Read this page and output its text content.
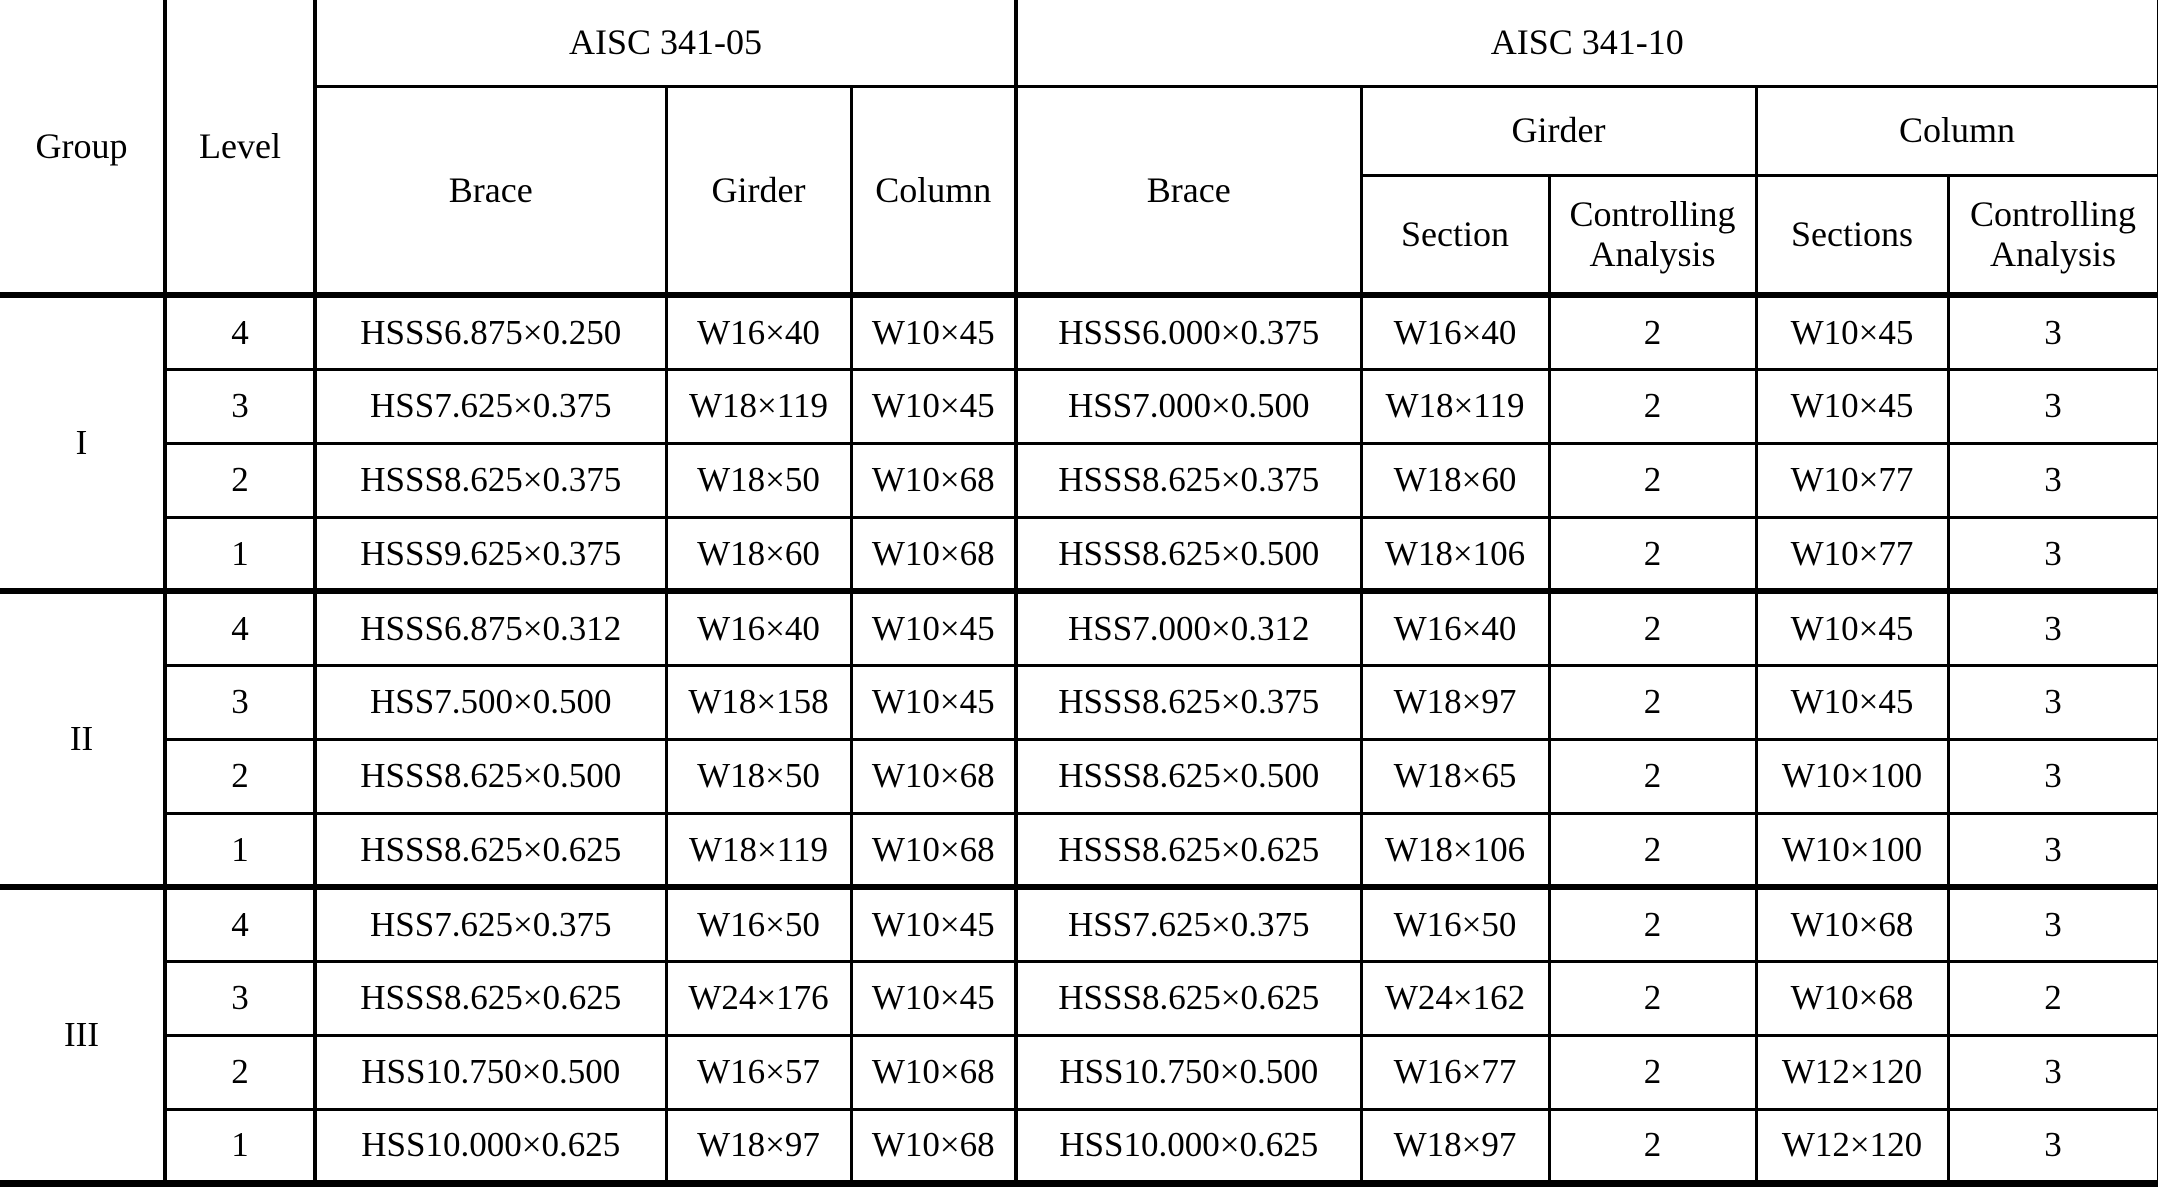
Group	Level	AISC 341-05			AISC 341-10				
		Brace	Girder	Column	Brace	Girder		Column	
						Section	Controlling Analysis	Sections	Controlling Analysis
I	4	HSSS6.875×0.250	W16×40	W10×45	HSSS6.000×0.375	W16×40	2	W10×45	3
	3	HSS7.625×0.375	W18×119	W10×45	HSS7.000×0.500	W18×119	2	W10×45	3
	2	HSSS8.625×0.375	W18×50	W10×68	HSSS8.625×0.375	W18×60	2	W10×77	3
	1	HSSS9.625×0.375	W18×60	W10×68	HSSS8.625×0.500	W18×106	2	W10×77	3
II	4	HSSS6.875×0.312	W16×40	W10×45	HSS7.000×0.312	W16×40	2	W10×45	3
	3	HSS7.500×0.500	W18×158	W10×45	HSSS8.625×0.375	W18×97	2	W10×45	3
	2	HSSS8.625×0.500	W18×50	W10×68	HSSS8.625×0.500	W18×65	2	W10×100	3
	1	HSSS8.625×0.625	W18×119	W10×68	HSSS8.625×0.625	W18×106	2	W10×100	3
III	4	HSS7.625×0.375	W16×50	W10×45	HSS7.625×0.375	W16×50	2	W10×68	3
	3	HSSS8.625×0.625	W24×176	W10×45	HSSS8.625×0.625	W24×162	2	W10×68	2
	2	HSS10.750×0.500	W16×57	W10×68	HSS10.750×0.500	W16×77	2	W12×120	3
	1	HSS10.000×0.625	W18×97	W10×68	HSS10.000×0.625	W18×97	2	W12×120	3
